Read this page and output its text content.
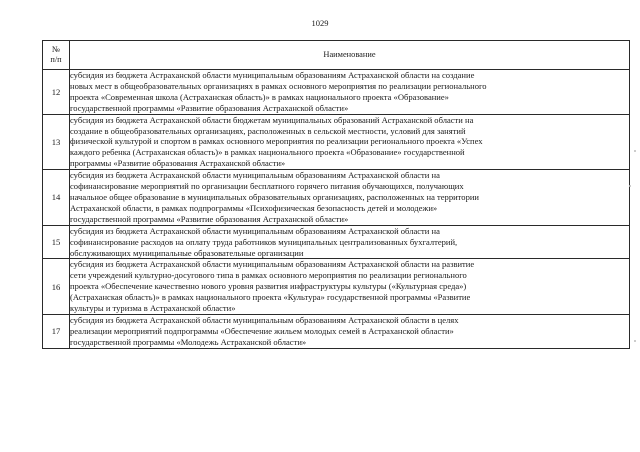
1029
№
п/п	Наименование
12	субсидия из бюджета Астраханской области муниципальным образованиям Астраханской области на создание
новых мест в общеобразовательных организациях в рамках основного мероприятия по реализации регионального
проекта «Современная школа (Астраханская область)» в рамках национального проекта «Образование»
государственной программы «Развитие образования Астраханской области»

13	субсидия из бюджета Астраханской области бюджетам муниципальных образований Астраханской области на
создание в общеобразовательных организациях, расположенных в сельской местности, условий для занятий
физической культурой и спортом в рамках основного мероприятия по реализации регионального проекта «Успех
каждого ребенка (Астраханская область)» в рамках национального проекта «Образование» государственной
программы «Развитие образования Астраханской области»

14	субсидия из бюджета Астраханской области муниципальным образованиям Астраханской области на
софинансирование мероприятий по организации бесплатного горячего питания обучающихся, получающих
начальное общее образование в муниципальных образовательных организациях, расположенных на территории
Астраханской области, в рамках подпрограммы «Психофизическая безопасность детей и молодежи»
государственной программы «Развитие образования Астраханской области»

15	субсидия из бюджета Астраханской области муниципальным образованиям Астраханской области на
софинансирование расходов на оплату труда работников муниципальных централизованных бухгалтерий,
обслуживающих муниципальные образовательные организации

16	субсидия из бюджета Астраханской области муниципальным образованиям Астраханской области на развитие
сети учреждений культурно-досугового типа в рамках основного мероприятия по реализации регионального
проекта «Обеспечение качественно нового уровня развития инфраструктуры культуры («Культурная среда»)
(Астраханская область)» в рамках национального проекта «Культура» государственной программы «Развитие
культуры и туризма в Астраханской области»

17	субсидия из бюджета Астраханской области муниципальным образованиям Астраханской области в целях
реализации мероприятий подпрограммы «Обеспечение жильем молодых семей в Астраханской области»
государственной программы «Молодежь Астраханской области»
